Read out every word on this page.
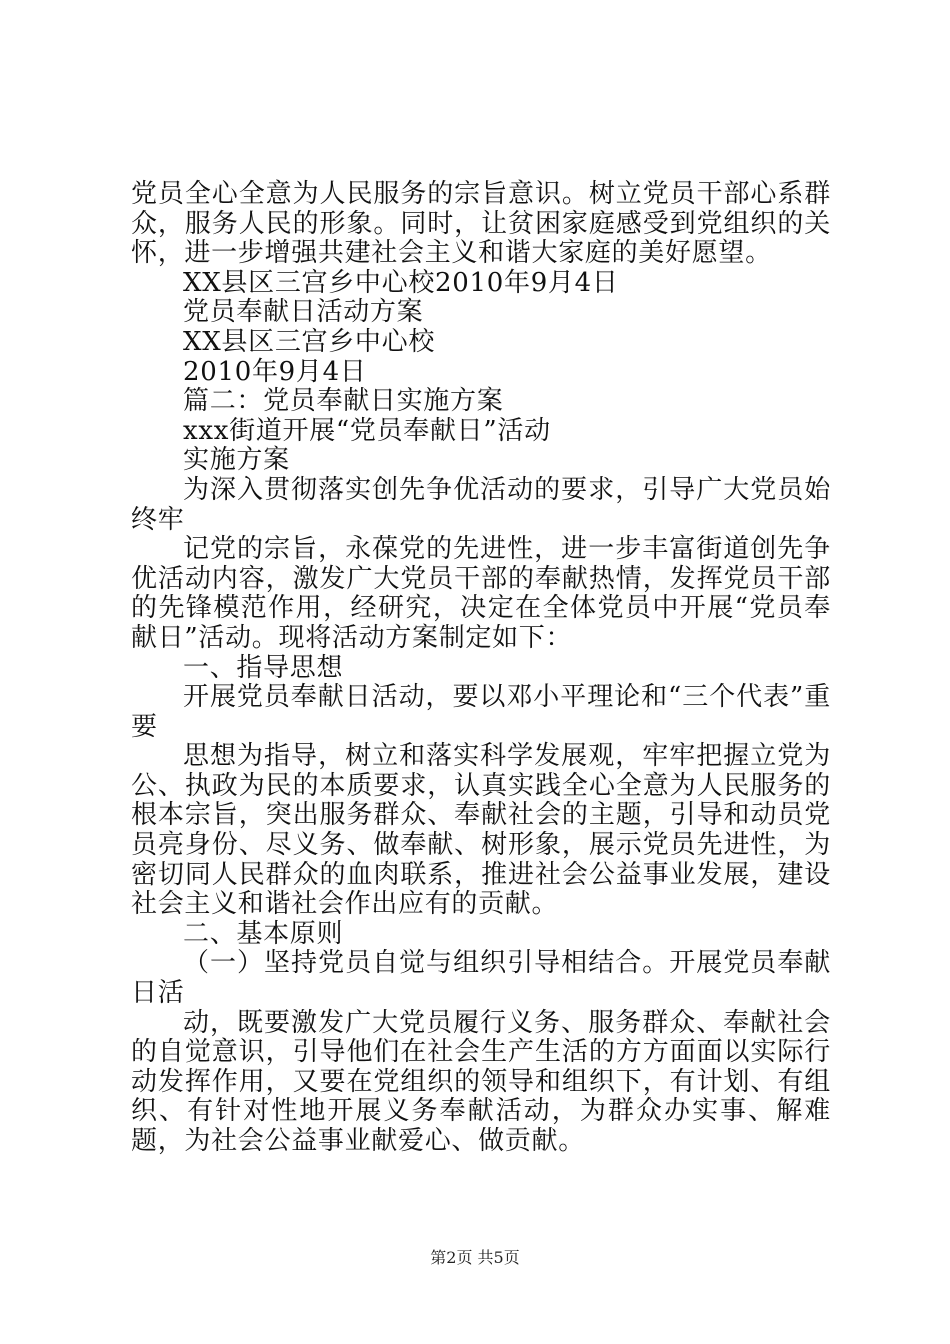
党员全心全意为人民服务的宗旨意识。树立党员干部心系群众，服务人民的形象。同时，让贫困家庭感受到党组织的关怀，进一步增强共建社会主义和谐大家庭的美好愿望。

XX县区三宫乡中心校2010年9月4日

党员奉献日活动方案

XX县区三宫乡中心校

2010年9月4日

篇二：党员奉献日实施方案

xxx街道开展“党员奉献日”活动

实施方案

为深入贯彻落实创先争优活动的要求，引导广大党员始终牢

记党的宗旨，永葆党的先进性，进一步丰富街道创先争优活动内容，激发广大党员干部的奉献热情，发挥党员干部的先锋模范作用，经研究，决定在全体党员中开展“党员奉献日”活动。现将活动方案制定如下：

一、指导思想

开展党员奉献日活动，要以邓小平理论和“三个代表”重要

思想为指导，树立和落实科学发展观，牢牢把握立党为公、执政为民的本质要求，认真实践全心全意为人民服务的根本宗旨，突出服务群众、奉献社会的主题，引导和动员党员亮身份、尽义务、做奉献、树形象，展示党员先进性，为密切同人民群众的血肉联系，推进社会公益事业发展，建设社会主义和谐社会作出应有的贡献。

二、基本原则

（一）坚持党员自觉与组织引导相结合。开展党员奉献日活

动，既要激发广大党员履行义务、服务群众、奉献社会的自觉意识，引导他们在社会生产生活的方方面面以实际行动发挥作用，又要在党组织的领导和组织下，有计划、有组织、有针对性地开展义务奉献活动，为群众办实事、解难题，为社会公益事业献爱心、做贡献。

第2页 共5页
